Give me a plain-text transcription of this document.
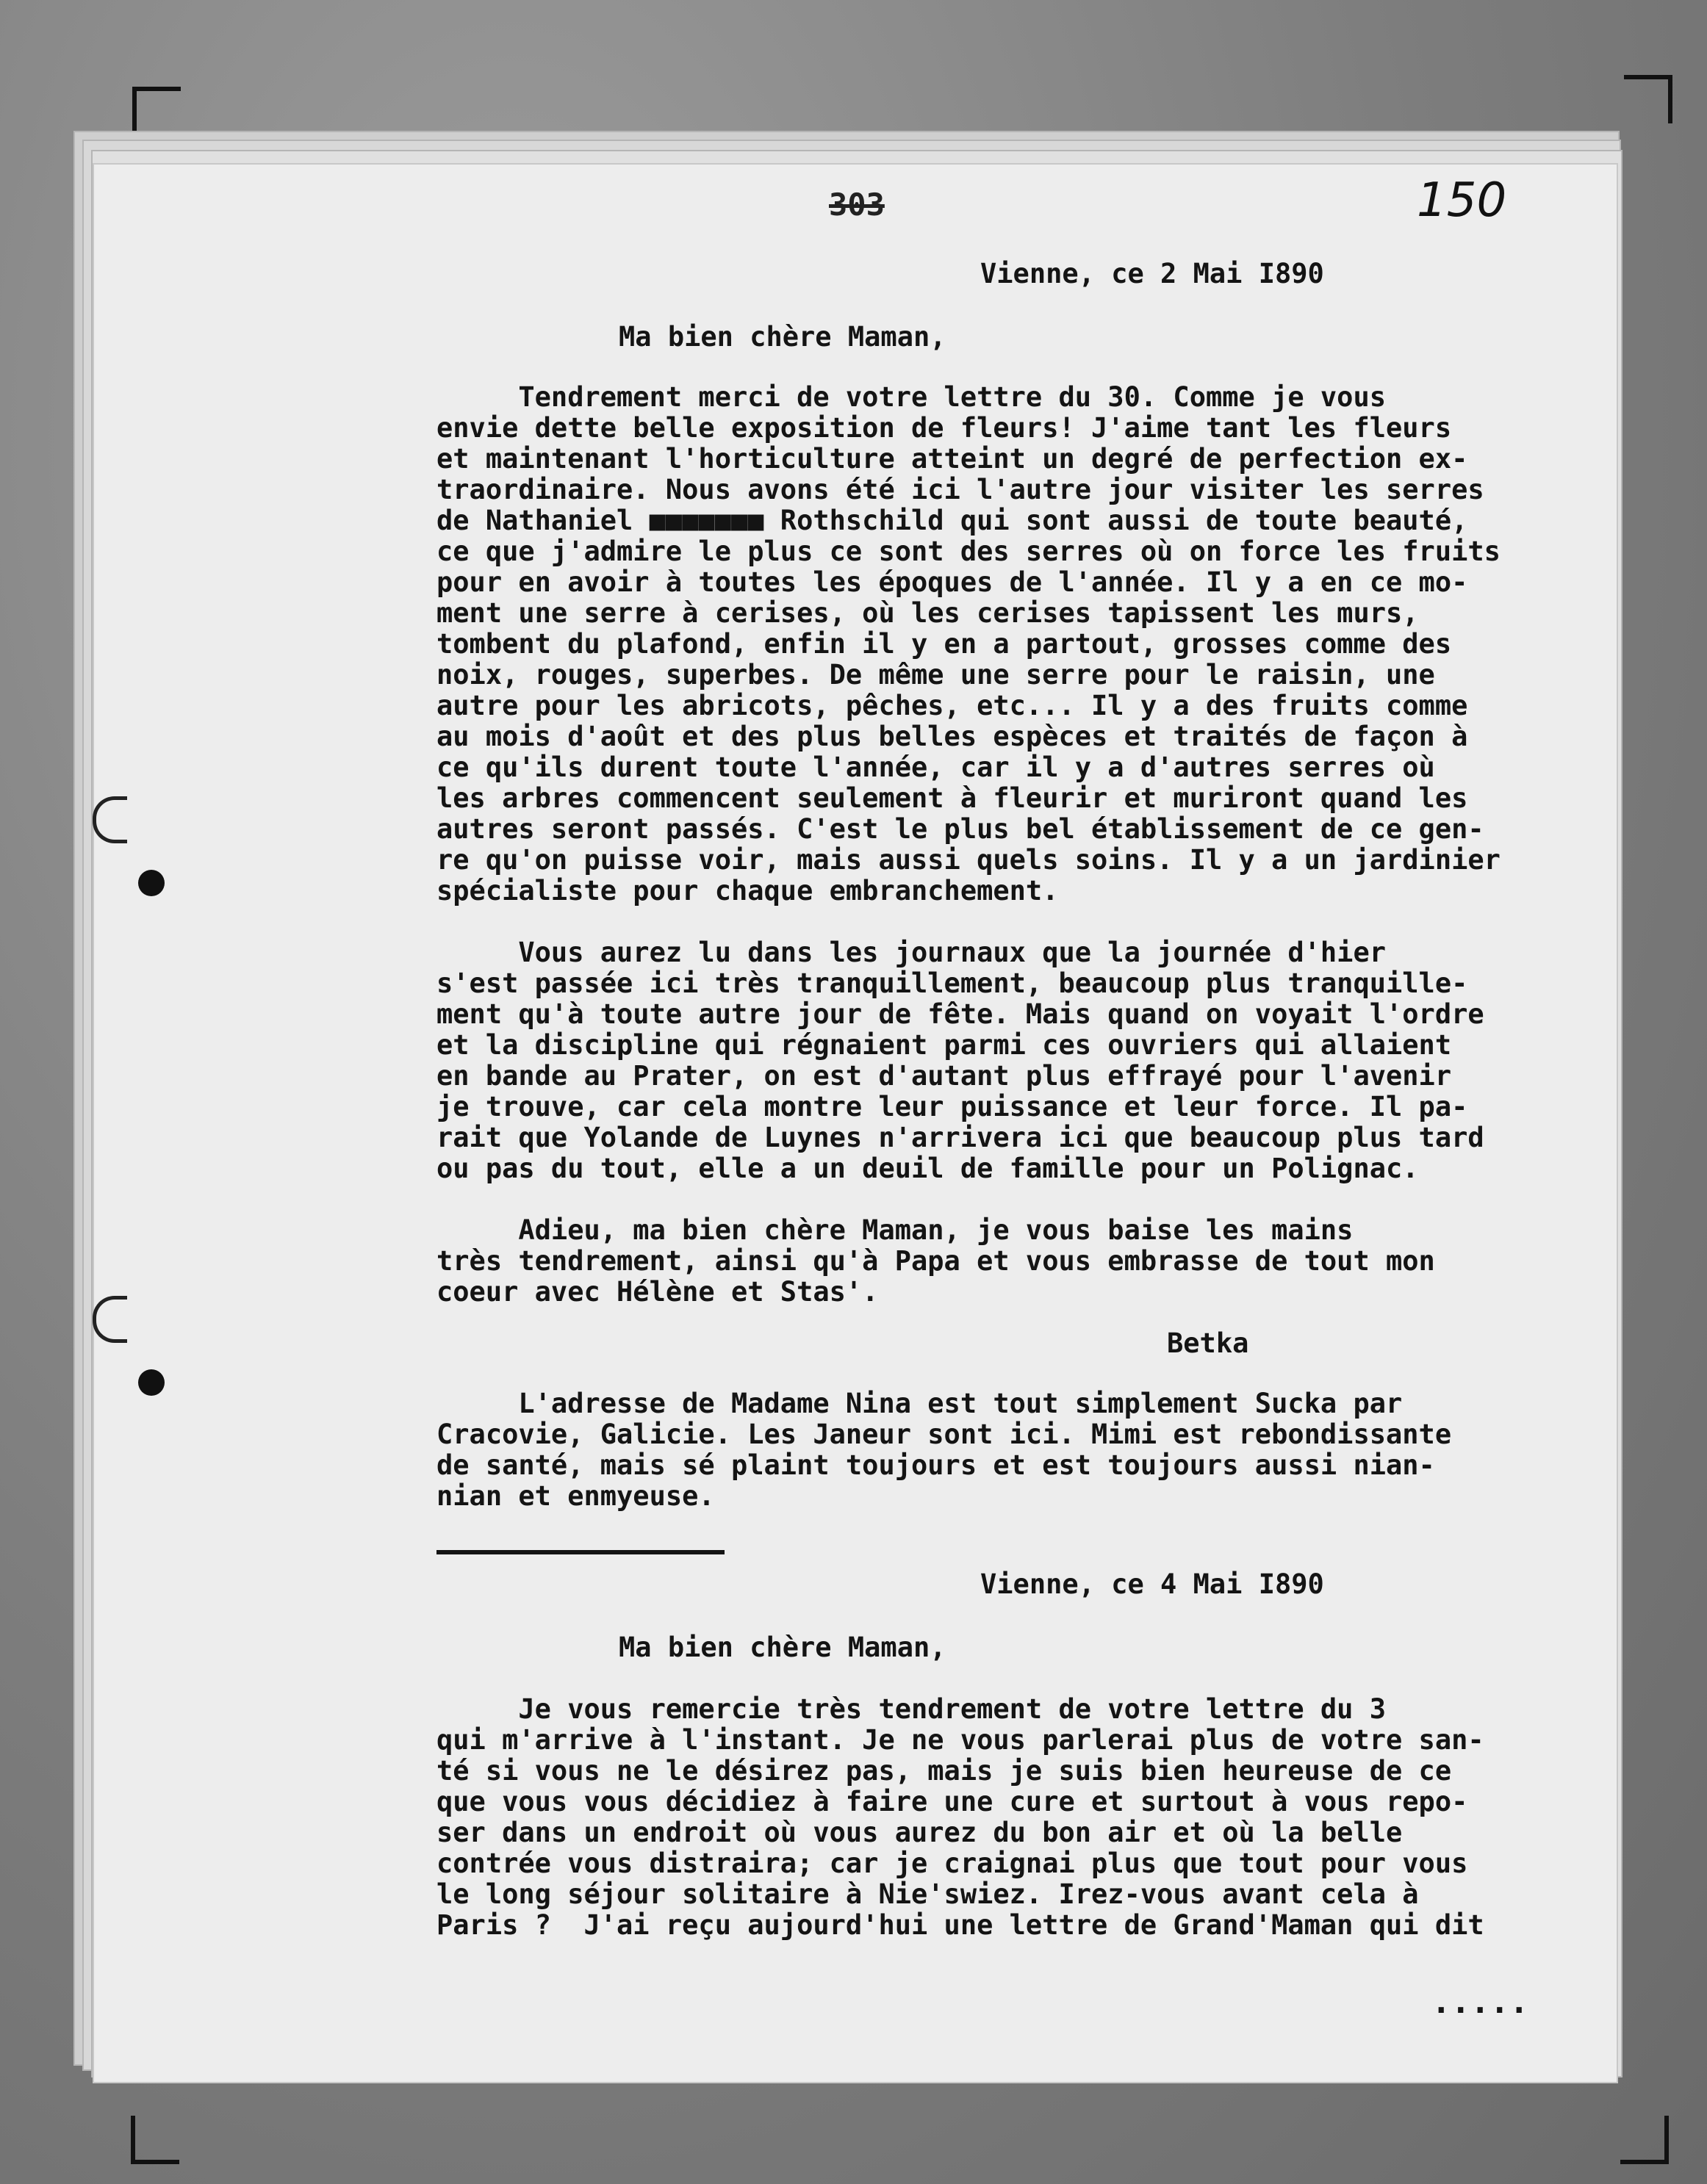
303	150
Vienne, ce 2 Mai I890
Ma bien chère Maman,
Tendrement merci de votre lettre du 30. Comme je vous
envie dette belle exposition de fleurs! J'aime tant les fleurs
et maintenant l'horticulture atteint un degré de perfection ex-
traordinaire. Nous avons été ici l'autre jour visiter les serres
de Nathaniel ■■■■■■■ Rothschild qui sont aussi de toute beauté,
ce que j'admire le plus ce sont des serres où on force les fruits
pour en avoir à toutes les époques de l'année. Il y a en ce mo-
ment une serre à cerises, où les cerises tapissent les murs,
tombent du plafond, enfin il y en a partout, grosses comme des
noix, rouges, superbes. De même une serre pour le raisin, une
autre pour les abricots, pêches, etc... Il y a des fruits comme
au mois d'août et des plus belles espèces et traités de façon à
ce qu'ils durent toute l'année, car il y a d'autres serres où
les arbres commencent seulement à fleurir et muriront quand les
autres seront passés. C'est le plus bel établissement de ce gen-
re qu'on puisse voir, mais aussi quels soins. Il y a un jardinier
spécialiste pour chaque embranchement.
Vous aurez lu dans les journaux que la journée d'hier
s'est passée ici très tranquillement, beaucoup plus tranquille-
ment qu'à toute autre jour de fête. Mais quand on voyait l'ordre
et la discipline qui régnaient parmi ces ouvriers qui allaient
en bande au Prater, on est d'autant plus effrayé pour l'avenir
je trouve, car cela montre leur puissance et leur force. Il pa-
rait que Yolande de Luynes n'arrivera ici que beaucoup plus tard
ou pas du tout, elle a un deuil de famille pour un Polignac.
Adieu, ma bien chère Maman, je vous baise les mains
très tendrement, ainsi qu'à Papa et vous embrasse de tout mon
coeur avec Hélène et Stas'.
Betka
L'adresse de Madame Nina est tout simplement Sucka par
Cracovie, Galicie. Les Janeur sont ici. Mimi est rebondissante
de santé, mais sé plaint toujours et est toujours aussi nian-
nian et enmyeuse.
Vienne, ce 4 Mai I890
Ma bien chère Maman,
Je vous remercie très tendrement de votre lettre du 3
qui m'arrive à l'instant. Je ne vous parlerai plus de votre san-
té si vous ne le désirez pas, mais je suis bien heureuse de ce
que vous vous décidiez à faire une cure et surtout à vous repo-
ser dans un endroit où vous aurez du bon air et où la belle
contrée vous distraira; car je craignai plus que tout pour vous
le long séjour solitaire à Nie'swiez. Irez-vous avant cela à
Paris ?  J'ai reçu aujourd'hui une lettre de Grand'Maman qui dit
.....
